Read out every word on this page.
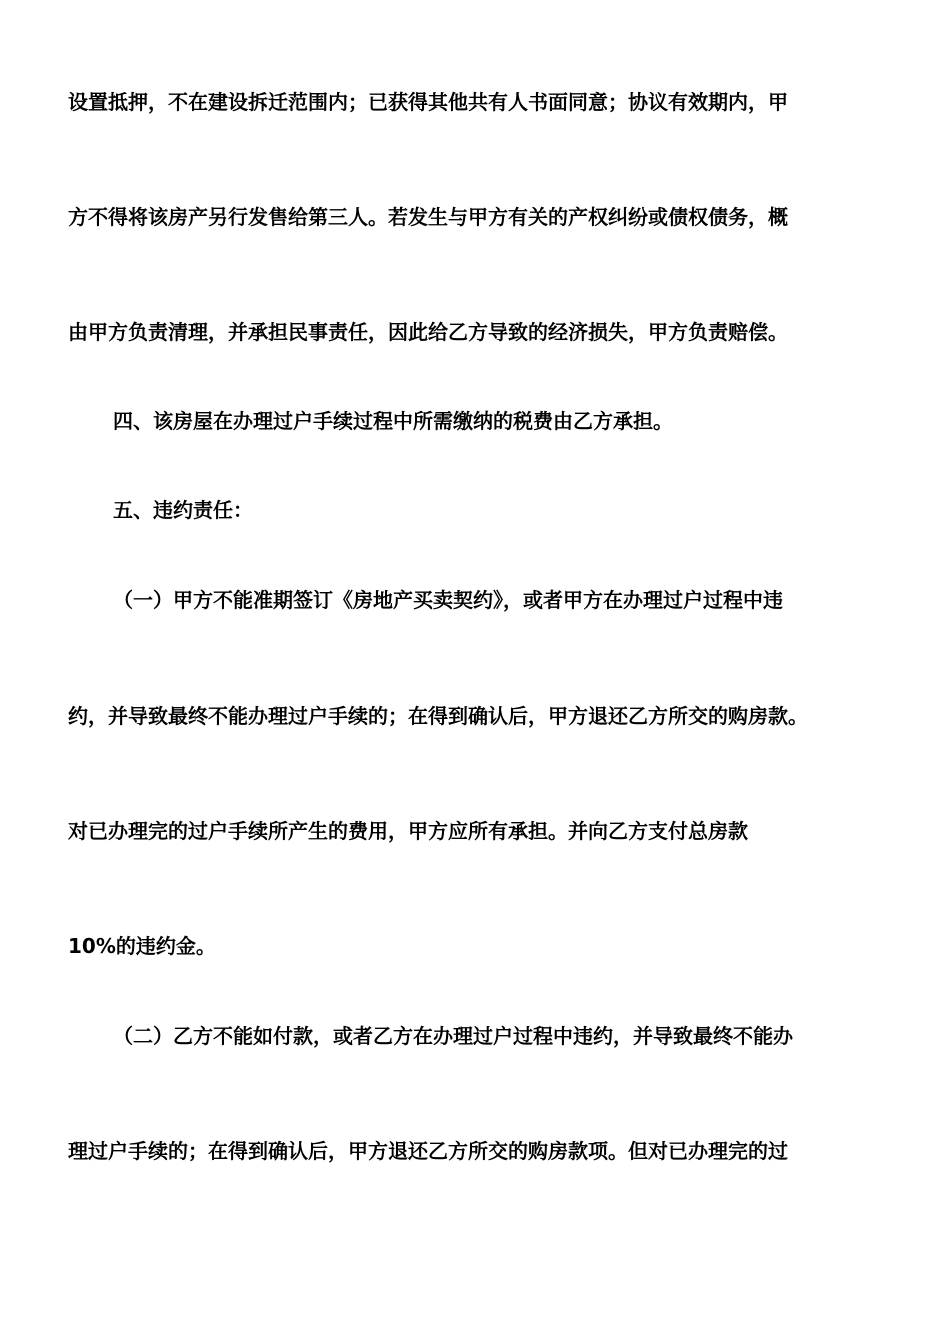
设置抵押，不在建设拆迁范围内；已获得其他共有人书面同意；协议有效期内，甲
方不得将该房产另行发售给第三人。若发生与甲方有关的产权纠纷或债权债务，概
由甲方负责清理，并承担民事责任，因此给乙方导致的经济损失，甲方负责赔偿。
四、该房屋在办理过户手续过程中所需缴纳的税费由乙方承担。
五、违约责任：
（一）甲方不能准期签订《房地产买卖契约》，或者甲方在办理过户过程中违
约，并导致最终不能办理过户手续的；在得到确认后，甲方退还乙方所交的购房款。
对已办理完的过户手续所产生的费用，甲方应所有承担。并向乙方支付总房款
10%的违约金。
（二）乙方不能如付款，或者乙方在办理过户过程中违约，并导致最终不能办
理过户手续的；在得到确认后，甲方退还乙方所交的购房款项。但对已办理完的过
